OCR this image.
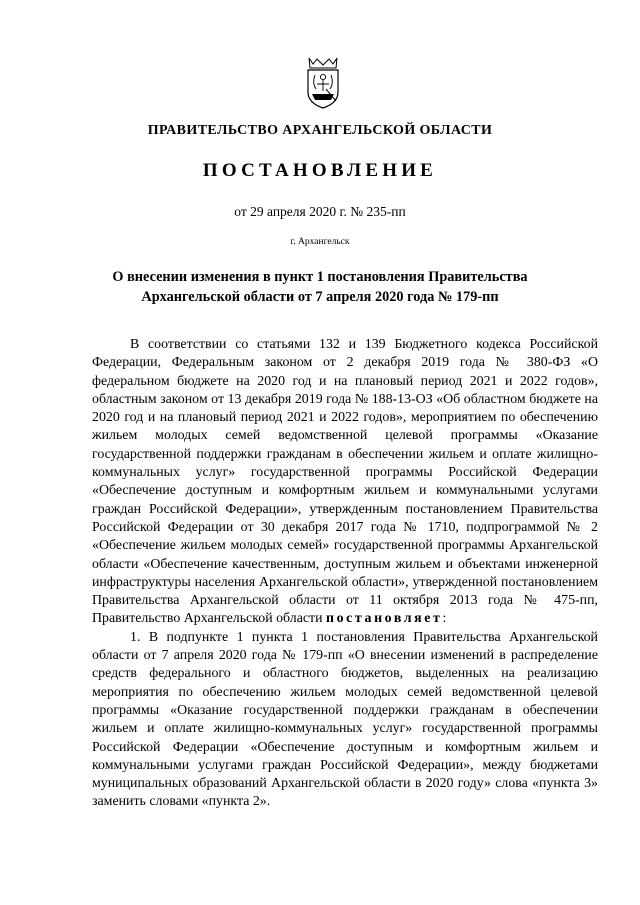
ПРАВИТЕЛЬСТВО АРХАНГЕЛЬСКОЙ ОБЛАСТИ
ПОСТАНОВЛЕНИЕ
от 29 апреля 2020 г. № 235-пп
г. Архангельск
О внесении изменения в пункт 1 постановления Правительства
Архангельской области от 7 апреля 2020 года № 179-пп

В соответствии со статьями 132 и 139 Бюджетного кодекса Российской Федерации, Федеральным законом от 2 декабря 2019 года № 380-ФЗ «О федеральном бюджете на 2020 год и на плановый период 2021 и 2022 годов», областным законом от 13 декабря 2019 года № 188-13-ОЗ «Об областном бюджете на 2020 год и на плановый период 2021 и 2022 годов», мероприятием по обеспечению жильем молодых семей ведомственной целевой программы «Оказание государственной поддержки гражданам в обеспечении жильем и оплате жилищно-коммунальных услуг» государственной программы Российской Федерации «Обеспечение доступным и комфортным жильем и коммунальными услугами граждан Российской Федерации», утвержденным постановлением Правительства Российской Федерации от 30 декабря 2017 года № 1710, подпрограммой № 2 «Обеспечение жильем молодых семей» государственной программы Архангельской области «Обеспечение качественным, доступным жильем и объектами инженерной инфраструктуры населения Архангельской области», утвержденной постановлением Правительства Архангельской области от 11 октября 2013 года № 475-пп, Правительство Архангельской области постановляет:

1. В подпункте 1 пункта 1 постановления Правительства Архангельской области от 7 апреля 2020 года № 179-пп «О внесении изменений в распределение средств федерального и областного бюджетов, выделенных на реализацию мероприятия по обеспечению жильем молодых семей ведомственной целевой программы «Оказание государственной поддержки гражданам в обеспечении жильем и оплате жилищно-коммунальных услуг» государственной программы Российской Федерации «Обеспечение доступным и комфортным жильем и коммунальными услугами граждан Российской Федерации», между бюджетами муниципальных образований Архангельской области в 2020 году» слова «пункта 3» заменить словами «пункта 2».
